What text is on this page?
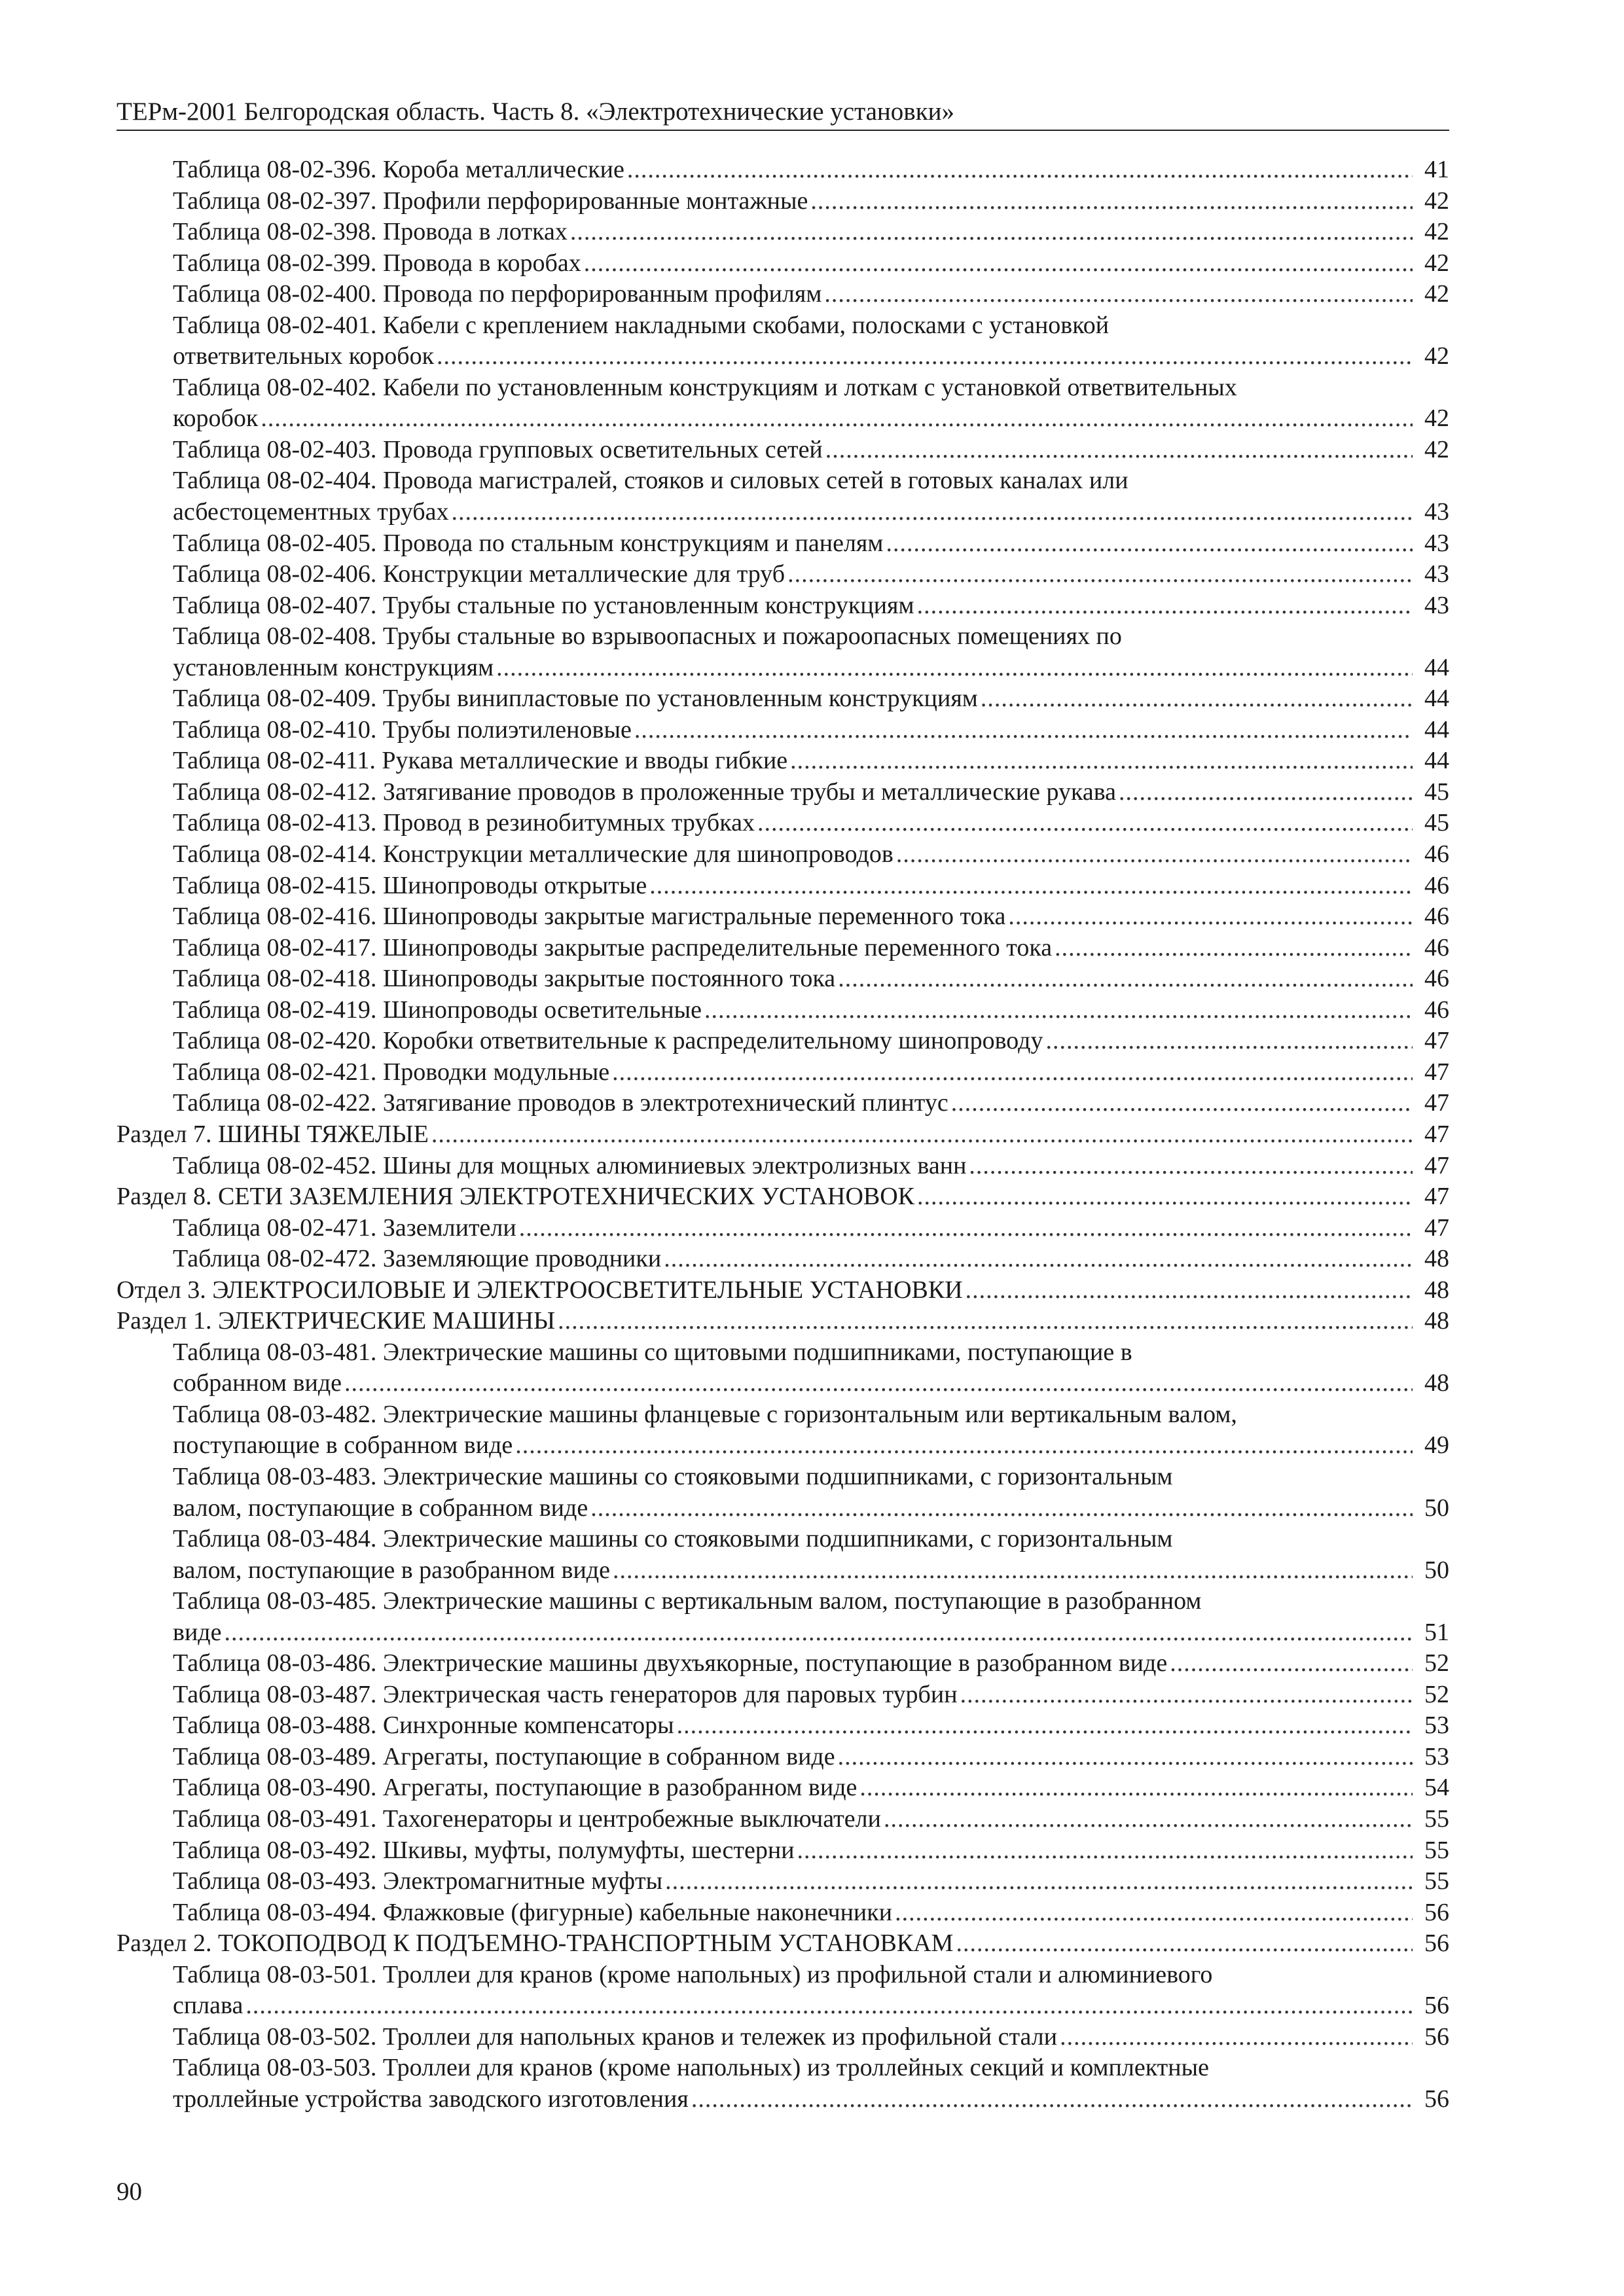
ТЕРм-2001 Белгородская область. Часть 8. «Электротехнические установки»
Таблица 08-02-396. Короба металлические .....	41
Таблица 08-02-397. Профили перфорированные монтажные .....	42
Таблица 08-02-398. Провода в лотках .....	42
Таблица 08-02-399. Провода в коробах .....	42
Таблица 08-02-400. Провода по перфорированным профилям .....	42
Таблица 08-02-401. Кабели с креплением накладными скобами, полосками с установкой
ответвительных коробок .....	42
Таблица 08-02-402. Кабели по установленным конструкциям и лоткам с установкой ответвительных
коробок .....	42
Таблица 08-02-403. Провода групповых осветительных сетей .....	42
Таблица 08-02-404. Провода магистралей, стояков и силовых сетей в готовых каналах или
асбестоцементных трубах .....	43
Таблица 08-02-405. Провода по стальным конструкциям и панелям .....	43
Таблица 08-02-406. Конструкции металлические для труб .....	43
Таблица 08-02-407. Трубы стальные по установленным конструкциям .....	43
Таблица 08-02-408. Трубы стальные во взрывоопасных и пожароопасных помещениях по
установленным конструкциям .....	44
Таблица 08-02-409. Трубы винипластовые по установленным конструкциям .....	44
Таблица 08-02-410. Трубы полиэтиленовые .....	44
Таблица 08-02-411. Рукава металлические и вводы гибкие .....	44
Таблица 08-02-412. Затягивание проводов в проложенные трубы и металлические рукава .....	45
Таблица 08-02-413. Провод в резинобитумных трубках .....	45
Таблица 08-02-414. Конструкции металлические для шинопроводов .....	46
Таблица 08-02-415. Шинопроводы открытые .....	46
Таблица 08-02-416. Шинопроводы закрытые магистральные переменного тока .....	46
Таблица 08-02-417. Шинопроводы закрытые распределительные переменного тока .....	46
Таблица 08-02-418. Шинопроводы закрытые постоянного тока .....	46
Таблица 08-02-419. Шинопроводы осветительные .....	46
Таблица 08-02-420. Коробки ответвительные к распределительному шинопроводу .....	47
Таблица 08-02-421. Проводки модульные .....	47
Таблица 08-02-422. Затягивание проводов в электротехнический плинтус .....	47
Раздел 7. ШИНЫ ТЯЖЕЛЫЕ .....	47
Таблица 08-02-452. Шины для мощных алюминиевых электролизных ванн .....	47
Раздел 8. СЕТИ ЗАЗЕМЛЕНИЯ ЭЛЕКТРОТЕХНИЧЕСКИХ УСТАНОВОК .....	47
Таблица 08-02-471. Заземлители .....	47
Таблица 08-02-472. Заземляющие проводники .....	48
Отдел 3. ЭЛЕКТРОСИЛОВЫЕ И ЭЛЕКТРООСВЕТИТЕЛЬНЫЕ УСТАНОВКИ .....	48
Раздел 1. ЭЛЕКТРИЧЕСКИЕ МАШИНЫ .....	48
Таблица 08-03-481. Электрические машины со щитовыми подшипниками, поступающие в
собранном виде .....	48
Таблица 08-03-482. Электрические машины фланцевые с горизонтальным или вертикальным валом,
поступающие в собранном виде .....	49
Таблица 08-03-483. Электрические машины со стояковыми подшипниками, с горизонтальным
валом, поступающие в собранном виде .....	50
Таблица 08-03-484. Электрические машины со стояковыми подшипниками, с горизонтальным
валом, поступающие в разобранном виде .....	50
Таблица 08-03-485. Электрические машины с вертикальным валом, поступающие в разобранном
виде .....	51
Таблица 08-03-486. Электрические машины двухъякорные, поступающие в разобранном виде .....	52
Таблица 08-03-487. Электрическая часть генераторов для паровых турбин .....	52
Таблица 08-03-488. Синхронные компенсаторы .....	53
Таблица 08-03-489. Агрегаты, поступающие в собранном виде .....	53
Таблица 08-03-490. Агрегаты, поступающие в разобранном виде .....	54
Таблица 08-03-491. Тахогенераторы и центробежные выключатели .....	55
Таблица 08-03-492. Шкивы, муфты, полумуфты, шестерни .....	55
Таблица 08-03-493. Электромагнитные муфты .....	55
Таблица 08-03-494. Флажковые (фигурные) кабельные наконечники .....	56
Раздел 2. ТОКОПОДВОД К ПОДЪЕМНО-ТРАНСПОРТНЫМ УСТАНОВКАМ .....	56
Таблица 08-03-501. Троллеи для кранов (кроме напольных) из профильной стали и алюминиевого
сплава .....	56
Таблица 08-03-502. Троллеи для напольных кранов и тележек из профильной стали .....	56
Таблица 08-03-503. Троллеи для кранов (кроме напольных) из троллейных секций и комплектные
троллейные устройства заводского изготовления .....	56
90
